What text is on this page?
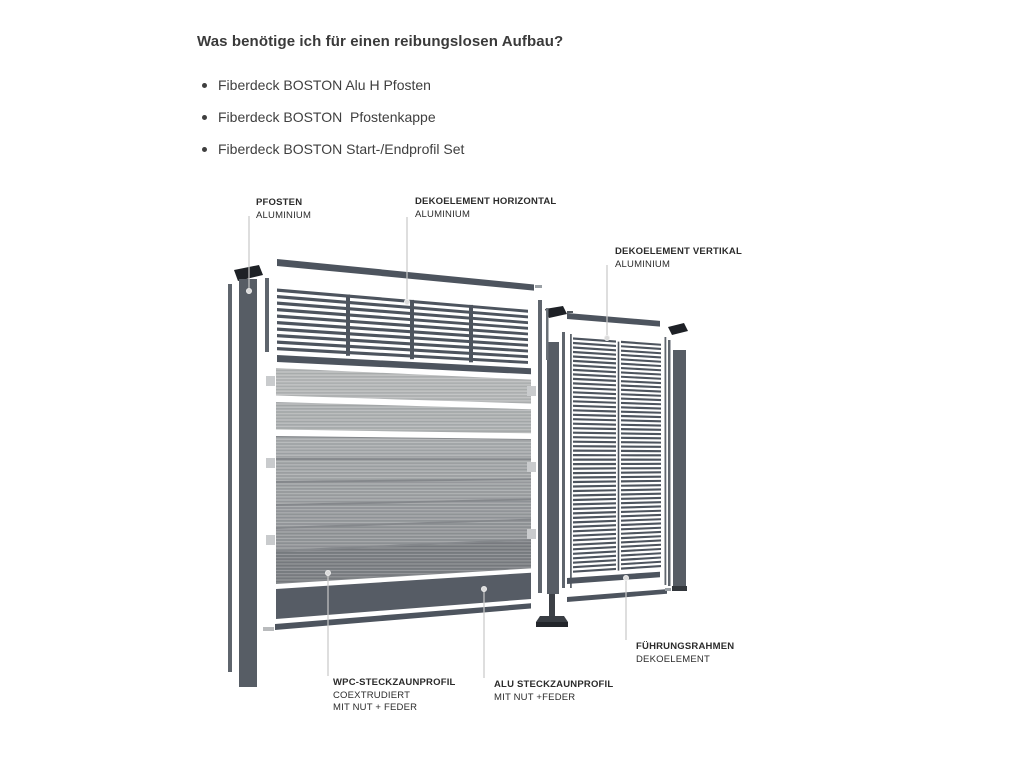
Was benötige ich für einen reibungslosen Aufbau?
Fiberdeck BOSTON Alu H Pfosten
Fiberdeck BOSTON  Pfostenkappe
Fiberdeck BOSTON Start-/Endprofil Set
PFOSTEN
ALUMINIUM
DEKOELEMENT HORIZONTAL
ALUMINIUM
DEKOELEMENT VERTIKAL
ALUMINIUM
FÜHRUNGSRAHMEN
DEKOELEMENT
WPC-STECKZAUNPROFIL
COEXTRUDIERT
MIT NUT + FEDER
ALU STECKZAUNPROFIL
MIT NUT +FEDER
